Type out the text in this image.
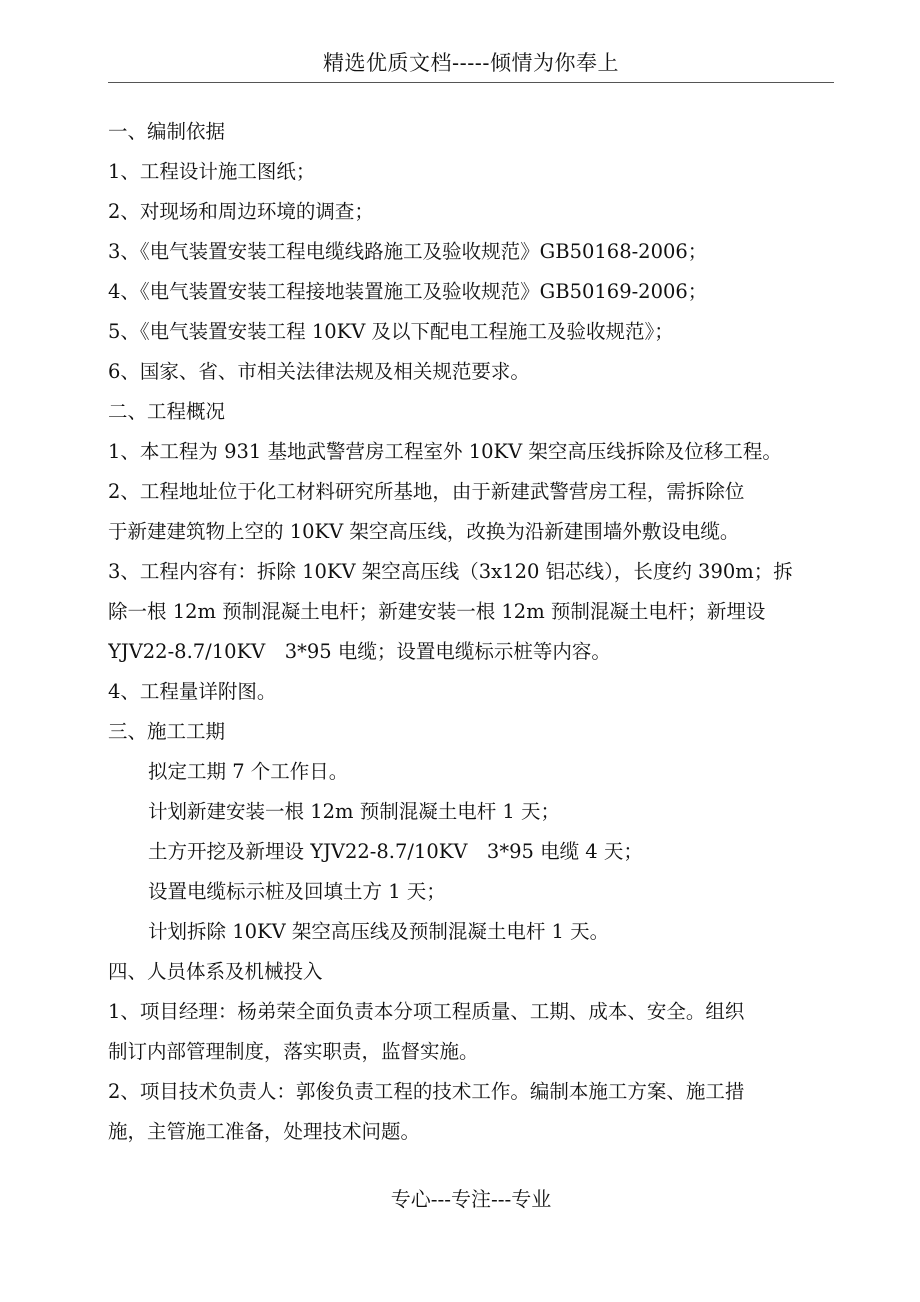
精选优质文档-----倾情为你奉上
一、编制依据
1、工程设计施工图纸；
2、对现场和周边环境的调查；
3、《电气装置安装工程电缆线路施工及验收规范》GB50168-2006；
4、《电气装置安装工程接地装置施工及验收规范》GB50169-2006；
5、《电气装置安装工程 10KV 及以下配电工程施工及验收规范》；
6、国家、省、市相关法律法规及相关规范要求。
二、工程概况
1、本工程为 931 基地武警营房工程室外 10KV 架空高压线拆除及位移工程。
2、工程地址位于化工材料研究所基地，由于新建武警营房工程，需拆除位
于新建建筑物上空的 10KV 架空高压线，改换为沿新建围墙外敷设电缆。
3、工程内容有：拆除 10KV 架空高压线（3x120 铝芯线），长度约 390m；拆
除一根 12m 预制混凝土电杆；新建安装一根 12m 预制混凝土电杆；新埋设
YJV22-8.7/10KV　3*95 电缆；设置电缆标示桩等内容。
4、工程量详附图。
三、施工工期
拟定工期 7 个工作日。
计划新建安装一根 12m 预制混凝土电杆 1 天；
土方开挖及新埋设 YJV22-8.7/10KV　3*95 电缆 4 天；
设置电缆标示桩及回填土方 1 天；
计划拆除 10KV 架空高压线及预制混凝土电杆 1 天。
四、人员体系及机械投入
1、项目经理：杨弟荣全面负责本分项工程质量、工期、成本、安全。组织
制订内部管理制度，落实职责，监督实施。
2、项目技术负责人：郭俊负责工程的技术工作。编制本施工方案、施工措
施，主管施工准备，处理技术问题。
专心---专注---专业
